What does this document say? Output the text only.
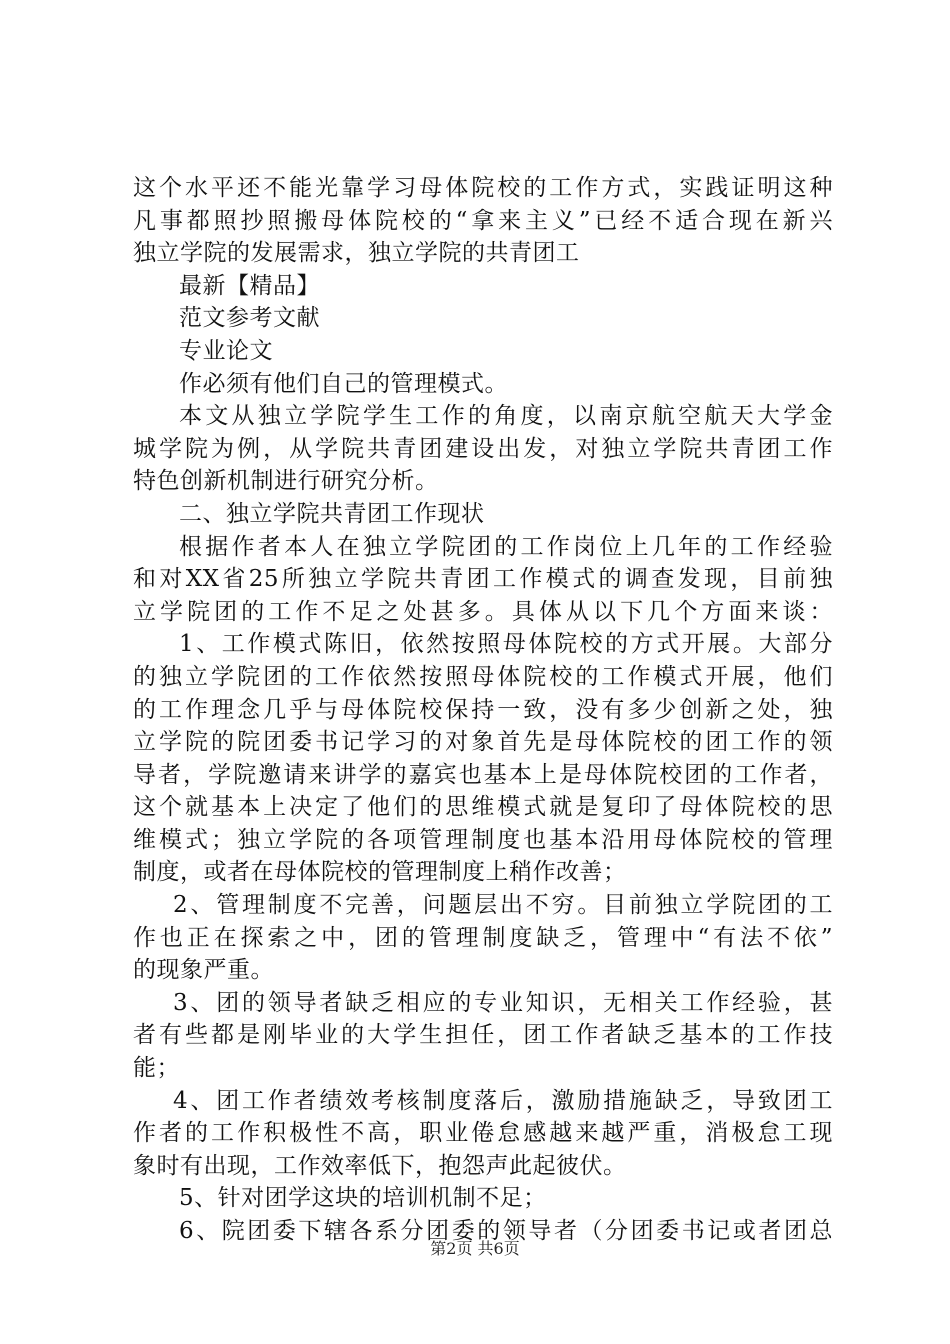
这个水平还不能光靠学习母体院校的工作方式，实践证明这种
凡事都照抄照搬母体院校的“拿来主义”已经不适合现在新兴
独立学院的发展需求，独立学院的共青团工
最新【精品】
范文参考文献
专业论文
作必须有他们自己的管理模式。
本文从独立学院学生工作的角度，以南京航空航天大学金
城学院为例，从学院共青团建设出发，对独立学院共青团工作
特色创新机制进行研究分析。
二、独立学院共青团工作现状
根据作者本人在独立学院团的工作岗位上几年的工作经验
和对XX省25所独立学院共青团工作模式的调查发现，目前独
立学院团的工作不足之处甚多。具体从以下几个方面来谈：
1、工作模式陈旧，依然按照母体院校的方式开展。大部分
的独立学院团的工作依然按照母体院校的工作模式开展，他们
的工作理念几乎与母体院校保持一致，没有多少创新之处，独
立学院的院团委书记学习的对象首先是母体院校的团工作的领
导者，学院邀请来讲学的嘉宾也基本上是母体院校团的工作者，
这个就基本上决定了他们的思维模式就是复印了母体院校的思
维模式；独立学院的各项管理制度也基本沿用母体院校的管理
制度，或者在母体院校的管理制度上稍作改善；
2、管理制度不完善，问题层出不穷。目前独立学院团的工
作也正在探索之中，团的管理制度缺乏，管理中“有法不依”
的现象严重。
3、团的领导者缺乏相应的专业知识，无相关工作经验，甚
者有些都是刚毕业的大学生担任，团工作者缺乏基本的工作技
能；
4、团工作者绩效考核制度落后，激励措施缺乏，导致团工
作者的工作积极性不高，职业倦怠感越来越严重，消极怠工现
象时有出现，工作效率低下，抱怨声此起彼伏。
5、针对团学这块的培训机制不足；
6、院团委下辖各系分团委的领导者（分团委书记或者团总
第2页 共6页
